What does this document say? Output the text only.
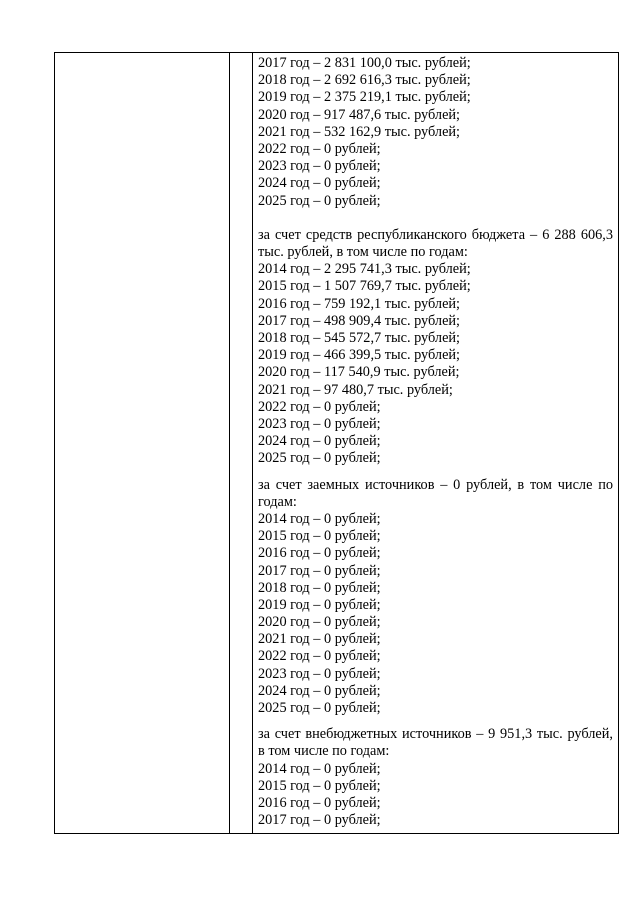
2017 год – 2 831 100,0 тыс. рублей;
2018 год – 2 692 616,3 тыс. рублей;
2019 год – 2 375 219,1 тыс. рублей;
2020 год – 917 487,6 тыс. рублей;
2021 год – 532 162,9 тыс. рублей;
2022 год – 0 рублей;
2023 год – 0 рублей;
2024 год – 0 рублей;
2025 год – 0 рублей;
за счет средств республиканского бюджета – 6 288 606,3 тыс. рублей, в том числе по годам:
2014 год – 2 295 741,3 тыс. рублей;
2015 год – 1 507 769,7 тыс. рублей;
2016 год – 759 192,1 тыс. рублей;
2017 год – 498 909,4 тыс. рублей;
2018 год – 545 572,7 тыс. рублей;
2019 год – 466 399,5 тыс. рублей;
2020 год – 117 540,9 тыс. рублей;
2021 год – 97 480,7 тыс. рублей;
2022 год – 0 рублей;
2023 год – 0 рублей;
2024 год – 0 рублей;
2025 год – 0 рублей;
за счет заемных источников – 0 рублей, в том числе по годам:
2014 год – 0 рублей;
2015 год – 0 рублей;
2016 год – 0 рублей;
2017 год – 0 рублей;
2018 год – 0 рублей;
2019 год – 0 рублей;
2020 год – 0 рублей;
2021 год – 0 рублей;
2022 год – 0 рублей;
2023 год – 0 рублей;
2024 год – 0 рублей;
2025 год – 0 рублей;
за счет внебюджетных источников – 9 951,3 тыс. рублей, в том числе по годам:
2014 год – 0 рублей;
2015 год – 0 рублей;
2016 год – 0 рублей;
2017 год – 0 рублей;
